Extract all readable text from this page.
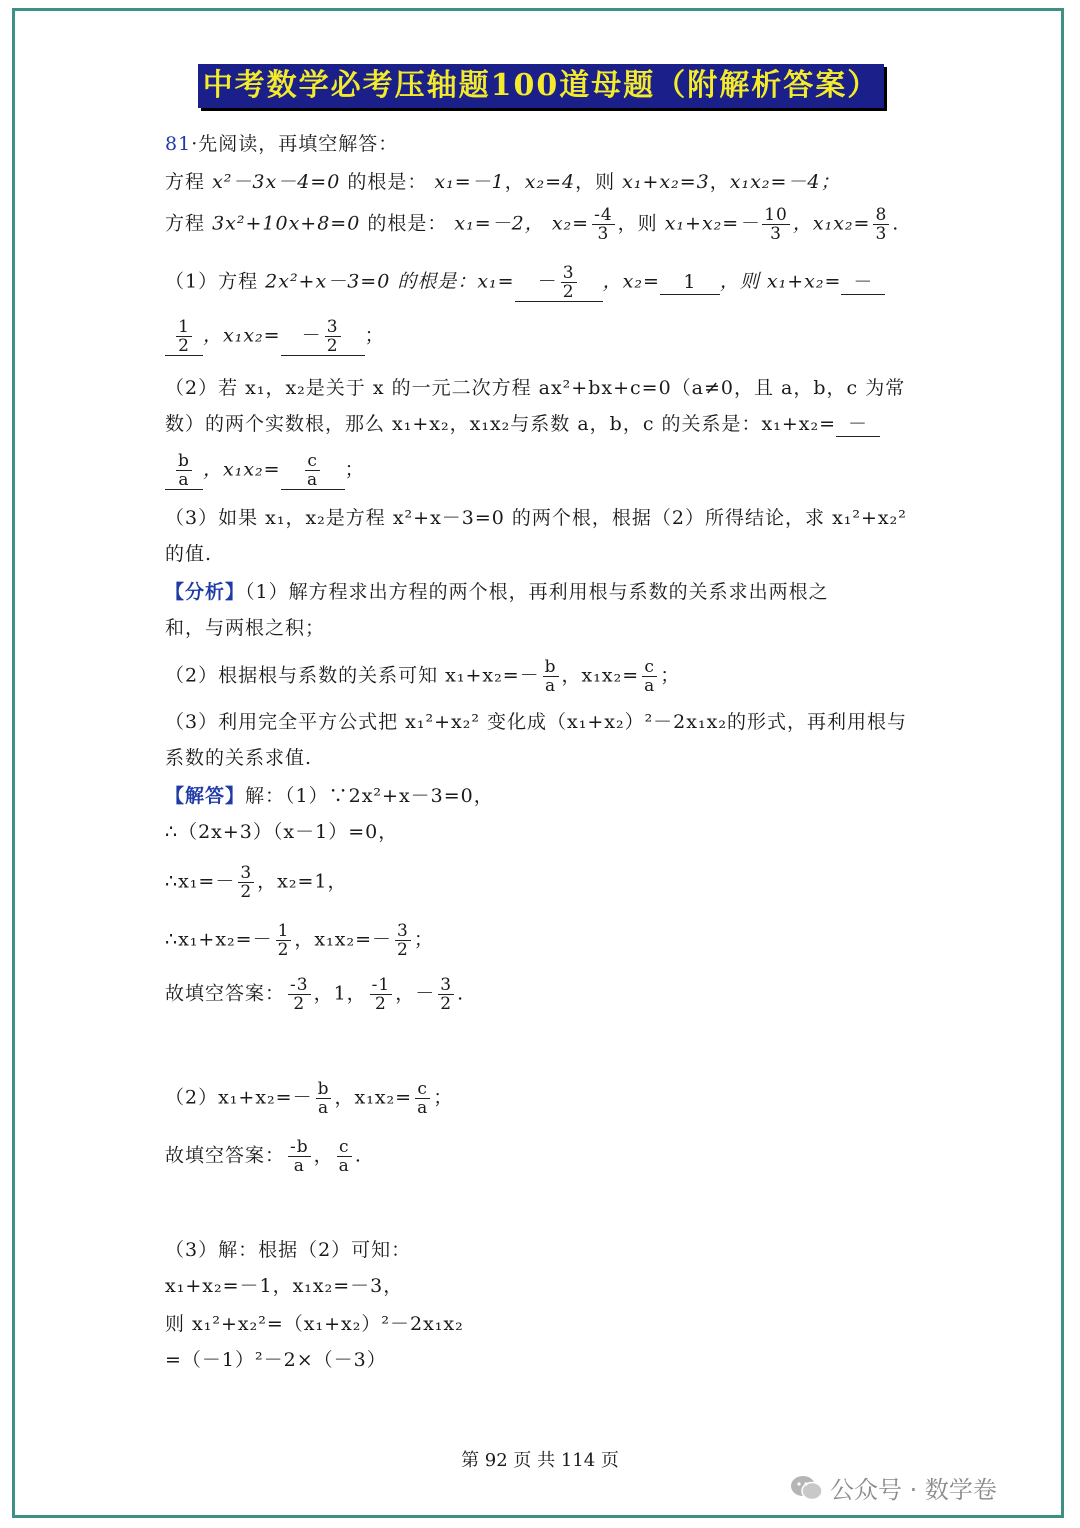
中考数学必考压轴题100道母题（附解析答案）
81·先阅读，再填空解答：
方程 x²－3x－4=0 的根是： x₁=－1，x₂=4，则 x₁+x₂=3，x₁x₂=－4；
方程 3x²+10x+8=0 的根是： x₁=－2， $x_2= \frac{-4}{3}$ ，则 $x_1+x_2=- \frac{10}{3}$ ，$x_1x_2= \frac{8}{3}$ .
（1）方程 2x²+x－3=0 的根是：$x_1= - \frac{3}{2}$ ，x₂= 1 ，则 x₁+x₂= －
$\frac{1}{2}$ ，$x_1x_2= - \frac{3}{2}$ ；
（2）若 x₁，x₂是关于 x 的一元二次方程 ax²+bx+c=0（a≠0，且 a，b，c 为常
数）的两个实数根，那么 x₁+x₂，x₁x₂与系数 a，b，c 的关系是：x₁+x₂= －
$\frac{b}{a}$ ，$x_1x_2= \frac{c}{a}$ ；
（3）如果 x₁，x₂是方程 x²+x－3=0 的两个根，根据（2）所得结论，求 x₁²+x₂²
的值.
【分析】（1）解方程求出方程的两个根，再利用根与系数的关系求出两根之
和，与两根之积；
（2）根据根与系数的关系可知 $x_1+x_2=- \frac{b}{a}$ ，$x_1x_2= \frac{c}{a}$ ；
（3）利用完全平方公式把 x₁²+x₂² 变化成（x₁+x₂）²－2x₁x₂的形式，再利用根与
系数的关系求值.
【解答】解：（1）∵2x²+x－3=0，
∴（2x+3）（x－1）=0，
∴x₁=－ $\frac{3}{2}$ ，x₂=1，
∴x₁+x₂=－ $\frac{1}{2}$ ，$x_1x_2=- \frac{3}{2}$ ；
故填空答案： $\frac{-3}{2}$ ，1， $\frac{-1}{2}$ ，－ $\frac{3}{2}$ .
$(2)x_1+x_2=- \frac{b}{a}$ ，$x_1x_2= \frac{c}{a}$ ；
故填空答案： $\frac{-b}{a}$ ， $\frac{c}{a}$ .
（3）解：根据（2）可知：
x₁+x₂=－1，x₁x₂=－3，
则 x₁²+x₂²=（x₁+x₂）²－2x₁x₂
=（－1）²－2×（－3）
第 92 页 共 114 页
公众号 · 数学卷
